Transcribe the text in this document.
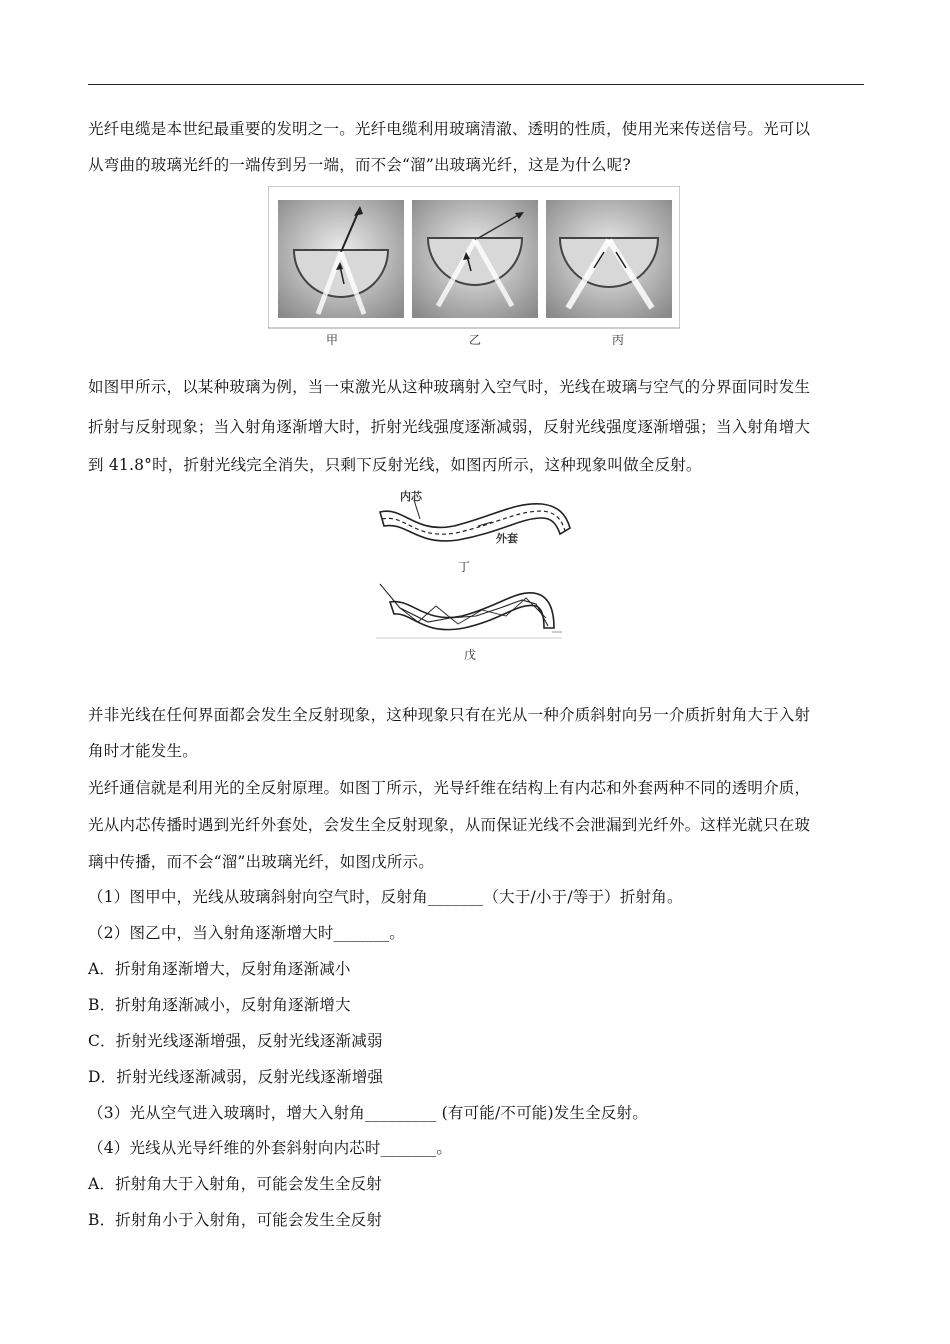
光纤电缆是本世纪最重要的发明之一。光纤电缆利用玻璃清澈、透明的性质，使用光来传送信号。光可以
从弯曲的玻璃光纤的一端传到另一端，而不会“溜”出玻璃光纤，这是为什么呢?
甲	乙	丙
如图甲所示，以某种玻璃为例，当一束激光从这种玻璃射入空气时，光线在玻璃与空气的分界面同时发生
折射与反射现象；当入射角逐渐增大时，折射光线强度逐渐减弱，反射光线强度逐渐增强；当入射角增大
到 41.8°时，折射光线完全消失，只剩下反射光线，如图丙所示，这种现象叫做全反射。
内芯
外套
丁
戊
并非光线在任何界面都会发生全反射现象，这种现象只有在光从一种介质斜射向另一介质折射角大于入射
角时才能发生。
光纤通信就是利用光的全反射原理。如图丁所示，光导纤维在结构上有内芯和外套两种不同的透明介质，
光从内芯传播时遇到光纤外套处，会发生全反射现象，从而保证光线不会泄漏到光纤外。这样光就只在玻
璃中传播，而不会“溜”出玻璃光纤，如图戊所示。
（1）图甲中，光线从玻璃斜射向空气时，反射角_______（大于/小于/等于）折射角。
（2）图乙中，当入射角逐渐增大时_______。
A．折射角逐渐增大，反射角逐渐减小
B．折射角逐渐减小，反射角逐渐增大
C．折射光线逐渐增强，反射光线逐渐减弱
D．折射光线逐渐减弱，反射光线逐渐增强
（3）光从空气进入玻璃时，增大入射角_________ (有可能/不可能)发生全反射。
（4）光线从光导纤维的外套斜射向内芯时_______。
A．折射角大于入射角，可能会发生全反射
B．折射角小于入射角，可能会发生全反射
